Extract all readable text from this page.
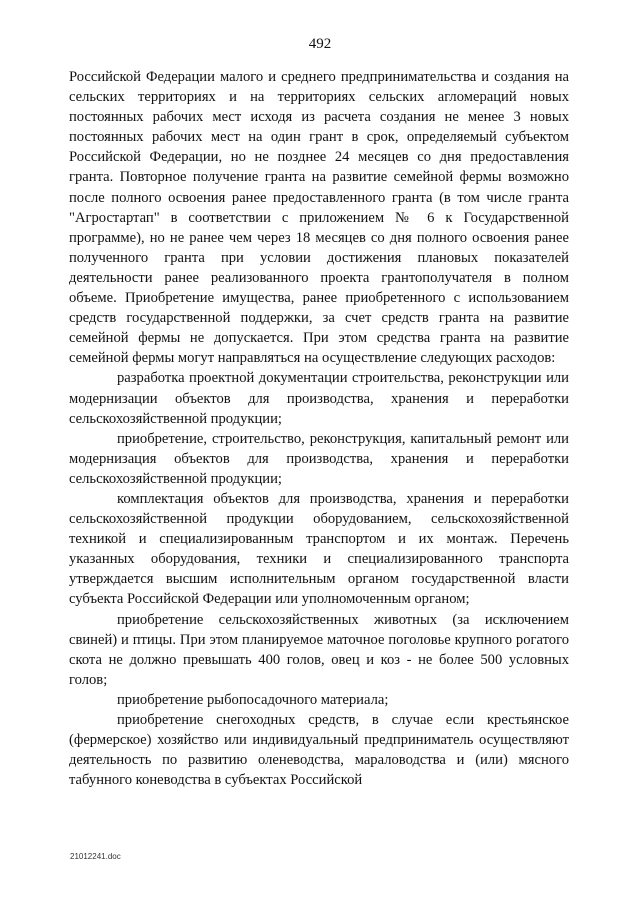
492

Российской Федерации малого и среднего предпринимательства и создания на сельских территориях и на территориях сельских агломераций новых постоянных рабочих мест исходя из расчета создания не менее 3 новых постоянных рабочих мест на один грант в срок, определяемый субъектом Российской Федерации, но не позднее 24 месяцев со дня предоставления гранта. Повторное получение гранта на развитие семейной фермы возможно после полного освоения ранее предоставленного гранта (в том числе гранта "Агростартап" в соответствии с приложением № 6 к Государственной программе), но не ранее чем через 18 месяцев со дня полного освоения ранее полученного гранта при условии достижения плановых показателей деятельности ранее реализованного проекта грантополучателя в полном объеме. Приобретение имущества, ранее приобретенного с использованием средств государственной поддержки, за счет средств гранта на развитие семейной фермы не допускается. При этом средства гранта на развитие семейной фермы могут направляться на осуществление следующих расходов:

разработка проектной документации строительства, реконструкции или модернизации объектов для производства, хранения и переработки сельскохозяйственной продукции;

приобретение, строительство, реконструкция, капитальный ремонт или модернизация объектов для производства, хранения и переработки сельскохозяйственной продукции;

комплектация объектов для производства, хранения и переработки сельскохозяйственной продукции оборудованием, сельскохозяйственной техникой и специализированным транспортом и их монтаж. Перечень указанных оборудования, техники и специализированного транспорта утверждается высшим исполнительным органом государственной власти субъекта Российской Федерации или уполномоченным органом;

приобретение сельскохозяйственных животных (за исключением свиней) и птицы. При этом планируемое маточное поголовье крупного рогатого скота не должно превышать 400 голов, овец и коз - не более 500 условных голов;

приобретение рыбопосадочного материала;

приобретение снегоходных средств, в случае если крестьянское (фермерское) хозяйство или индивидуальный предприниматель осуществляют деятельность по развитию оленеводства, мараловодства и (или) мясного табунного коневодства в субъектах Российской

21012241.doc
